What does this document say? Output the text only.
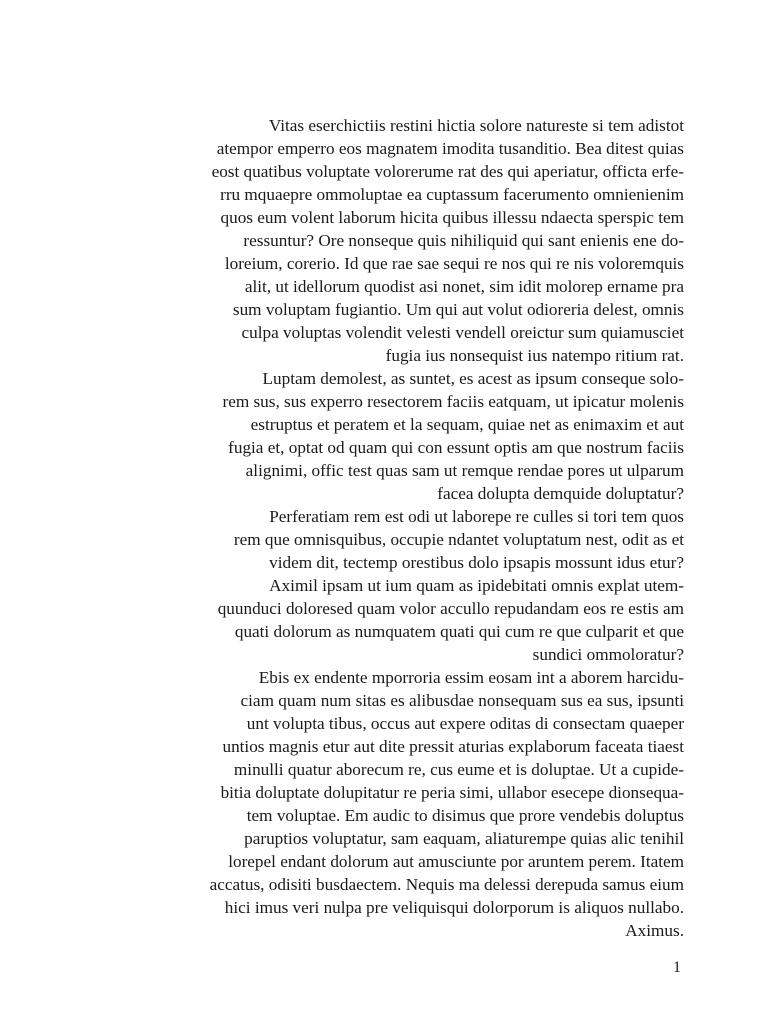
Vitas eserchictiis restini hictia solore natureste si tem adistot
atempor emperro eos magnatem imodita tusanditio. Bea ditest quias
eost quatibus voluptate volorerume rat des qui aperiatur, officta erfe-
rru mquaepre ommoluptae ea cuptassum facerumento omnienienim
quos eum volent laborum hicita quibus illessu ndaecta sperspic tem
ressuntur? Ore nonseque quis nihiliquid qui sant enienis ene do-
loreium, corerio. Id que rae sae sequi re nos qui re nis voloremquis
alit, ut idellorum quodist asi nonet, sim idit molorep ername pra
sum voluptam fugiantio. Um qui aut volut odioreria delest, omnis
culpa voluptas volendit velesti vendell oreictur sum quiamusciet
fugia ius nonsequist ius natempo ritium rat.
Luptam demolest, as suntet, es acest as ipsum conseque solo-
rem sus, sus experro resectorem faciis eatquam, ut ipicatur molenis
estruptus et peratem et la sequam, quiae net as enimaxim et aut
fugia et, optat od quam qui con essunt optis am que nostrum faciis
alignimi, offic test quas sam ut remque rendae pores ut ulparum
facea dolupta demquide doluptatur?
Perferatiam rem est odi ut laborepe re culles si tori tem quos
rem que omnisquibus, occupie ndantet voluptatum nest, odit as et
videm dit, tectemp orestibus dolo ipsapis mossunt idus etur?
Aximil ipsam ut ium quam as ipidebitati omnis explat utem-
quunduci doloresed quam volor accullo repudandam eos re estis am
quati dolorum as numquatem quati qui cum re que culparit et que
sundici ommoloratur?
Ebis ex endente mporroria essim eosam int a aborem harcidu-
ciam quam num sitas es alibusdae nonsequam sus ea sus, ipsunti
unt volupta tibus, occus aut expere oditas di consectam quaeper
untios magnis etur aut dite pressit aturias explaborum faceata tiaest
minulli quatur aborecum re, cus eume et is doluptae. Ut a cupide-
bitia doluptate dolupitatur re peria simi, ullabor esecepe dionsequa-
tem voluptae. Em audic to disimus que prore vendebis doluptus
paruptios voluptatur, sam eaquam, aliaturempe quias alic tenihil
lorepel endant dolorum aut amusciunte por aruntem perem. Itatem
accatus, odisiti busdaectem. Nequis ma delessi derepuda samus eium
hici imus veri nulpa pre veliquisqui dolorporum is aliquos nullabo.
Aximus.
1
